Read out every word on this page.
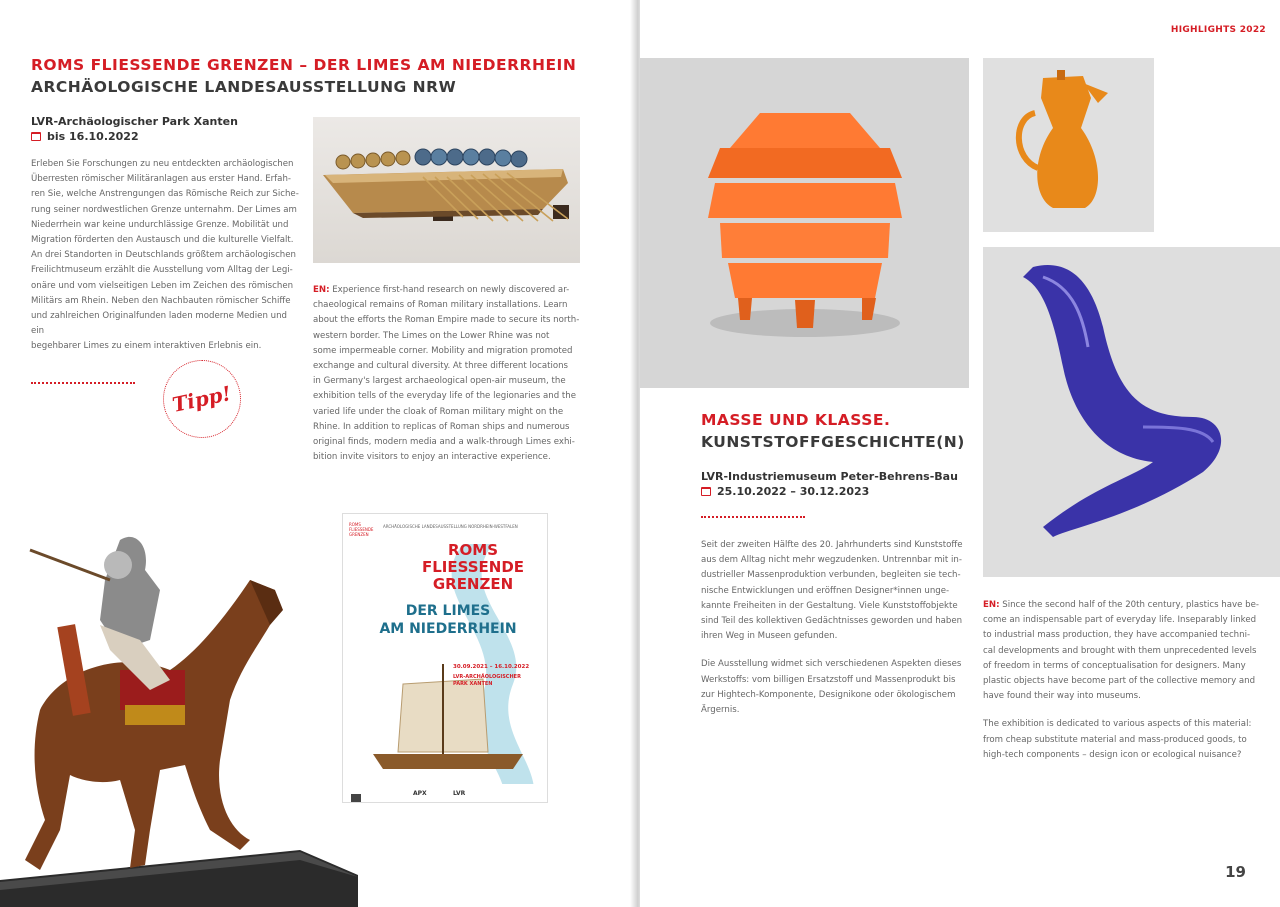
ROMS FLIESSENDE GRENZEN – DER LIMES AM NIEDERRHEIN
ARCHÄOLOGISCHE LANDESAUSSTELLUNG NRW
LVR-Archäologischer Park Xanten
bis 16.10.2022
Erleben Sie Forschungen zu neu entdeckten archäologischen
Überresten römischer Militäranlagen aus erster Hand. Erfah-
ren Sie, welche Anstrengungen das Römische Reich zur Siche-
rung seiner nordwestlichen Grenze unternahm. Der Limes am
Niederrhein war keine undurchlässige Grenze. Mobilität und
Migration förderten den Austausch und die kulturelle Vielfalt.
An drei Standorten in Deutschlands größtem archäologischen
Freilichtmuseum erzählt die Ausstellung vom Alltag der Legi-
onäre und vom vielseitigen Leben im Zeichen des römischen
Militärs am Rhein. Neben den Nachbauten römischer Schiffe
und zahlreichen Originalfunden laden moderne Medien und ein
begehbarer Limes zu einem interaktiven Erlebnis ein.
Tipp!
EN: Experience first-hand research on newly discovered ar-
chaeological remains of Roman military installations. Learn
about the efforts the Roman Empire made to secure its north-
western border. The Limes on the Lower Rhine was not
some impermeable corner. Mobility and migration promoted
exchange and cultural diversity. At three different locations
in Germany's largest archaeological open-air museum, the
exhibition tells of the everyday life of the legionaries and the
varied life under the cloak of Roman military might on the
Rhine. In addition to replicas of Roman ships and numerous
original finds, modern media and a walk-through Limes exhi-
bition invite visitors to enjoy an interactive experience.
ARCHÄOLOGISCHE LANDESAUSSTELLUNG NORDRHEIN-WESTFALEN
ROMS
FLIESSENDE
GRENZEN
ROMS
FLIESSENDE
GRENZEN
DER LIMES
AM NIEDERRHEIN
30.09.2021 – 16.10.2022
LVR-ARCHÄOLOGISCHER
PARK XANTEN
APX	LVR
HIGHLIGHTS 2022
MASSE UND KLASSE.
KUNSTSTOFFGESCHICHTE(N)
LVR-Industriemuseum Peter-Behrens-Bau
25.10.2022 – 30.12.2023
Seit der zweiten Hälfte des 20. Jahrhunderts sind Kunststoffe
aus dem Alltag nicht mehr wegzudenken. Untrennbar mit in-
dustrieller Massenproduktion verbunden, begleiten sie tech-
nische Entwicklungen und eröffnen Designer*innen unge-
kannte Freiheiten in der Gestaltung. Viele Kunststoffobjekte
sind Teil des kollektiven Gedächtnisses geworden und haben
ihren Weg in Museen gefunden.
Die Ausstellung widmet sich verschiedenen Aspekten dieses
Werkstoffs: vom billigen Ersatzstoff und Massenprodukt bis
zur Hightech-Komponente, Designikone oder ökologischem
Ärgernis.
EN: Since the second half of the 20th century, plastics have be-
come an indispensable part of everyday life. Inseparably linked
to industrial mass production, they have accompanied techni-
cal developments and brought with them unprecedented levels
of freedom in terms of conceptualisation for designers. Many
plastic objects have become part of the collective memory and
have found their way into museums.
The exhibition is dedicated to various aspects of this material:
from cheap substitute material and mass-produced goods, to
high-tech components – design icon or ecological nuisance?
19
